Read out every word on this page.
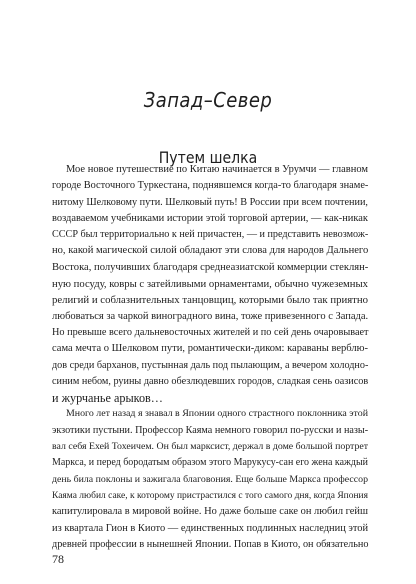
Запад–Север
Путем шелка
Мое новое путешествие по Китаю начинается в Урумчи — главном
городе Восточного Туркестана, поднявшемся когда-то благодаря знаме-
нитому Шелковому пути. Шелковый путь! В России при всем почтении,
воздаваемом учебниками истории этой торговой артерии, — как-никак
СССР был территориально к ней причастен, — и представить невозмож-
но, какой магической силой обладают эти слова для народов Дальнего
Востока, получивших благодаря среднеазиатской коммерции стеклян-
ную посуду, ковры с затейливыми орнаментами, обычно чужеземных
религий и соблазнительных танцовщиц, которыми было так приятно
любоваться за чаркой виноградного вина, тоже привезенного с Запада.
Но превыше всего дальневосточных жителей и по сей день очаровывает
сама мечта о Шелковом пути, романтически-диком: караваны верблю-
дов среди барханов, пустынная даль под пылающим, а вечером холодно-
синим небом, руины давно обезлюдевших городов, сладкая сень оазисов
и журчанье арыков…
Много лет назад я знавал в Японии одного страстного поклонника этой
экзотики пустыни. Профессор Каяма немного говорил по-русски и назы-
вал себя Ехей Тохеичем. Он был марксист, держал в доме большой портрет
Маркса, и перед бородатым образом этого Марукусу-сан его жена каждый
день била поклоны и зажигала благовония. Еще больше Маркса профессор
Каяма любил саке, к которому пристрастился с того самого дня, когда Япония
капитулировала в мировой войне. Но даже больше саке он любил гейш
из квартала Гион в Киото — единственных подлинных наследниц этой
древней профессии в нынешней Японии. Попав в Киото, он обязательно
78
